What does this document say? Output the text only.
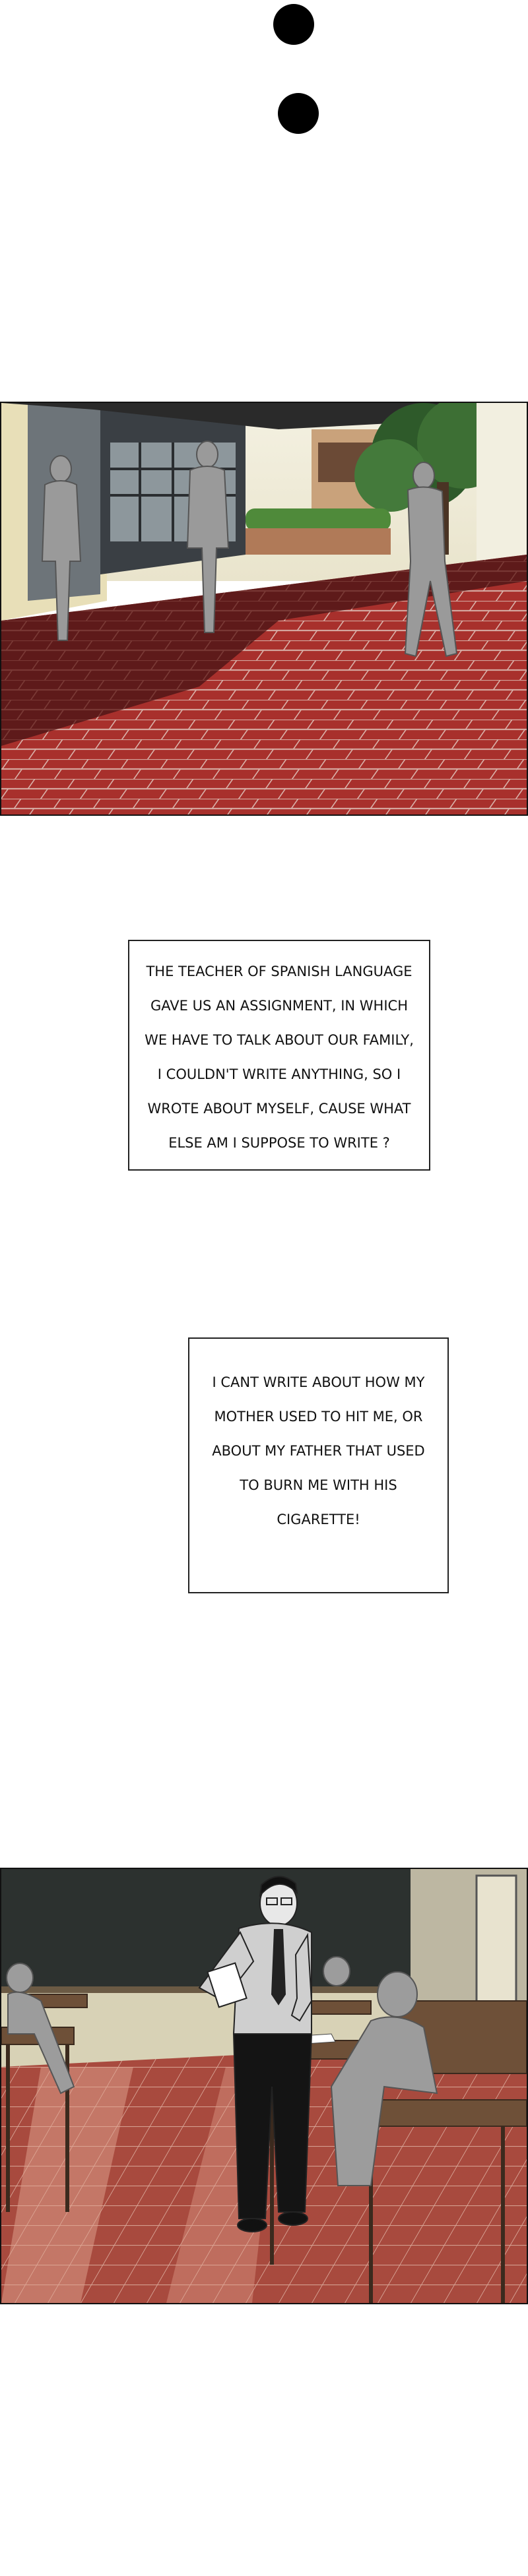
THE TEACHER OF SPANISH LANGUAGE
GAVE US AN ASSIGNMENT, IN WHICH
WE HAVE TO TALK ABOUT OUR FAMILY,
I COULDN'T WRITE ANYTHING, SO I
WROTE ABOUT MYSELF, CAUSE WHAT
ELSE AM I SUPPOSE TO WRITE ?
I CANT WRITE ABOUT HOW MY
MOTHER USED TO HIT ME, OR
ABOUT MY FATHER THAT USED
TO BURN ME WITH HIS
CIGARETTE!
